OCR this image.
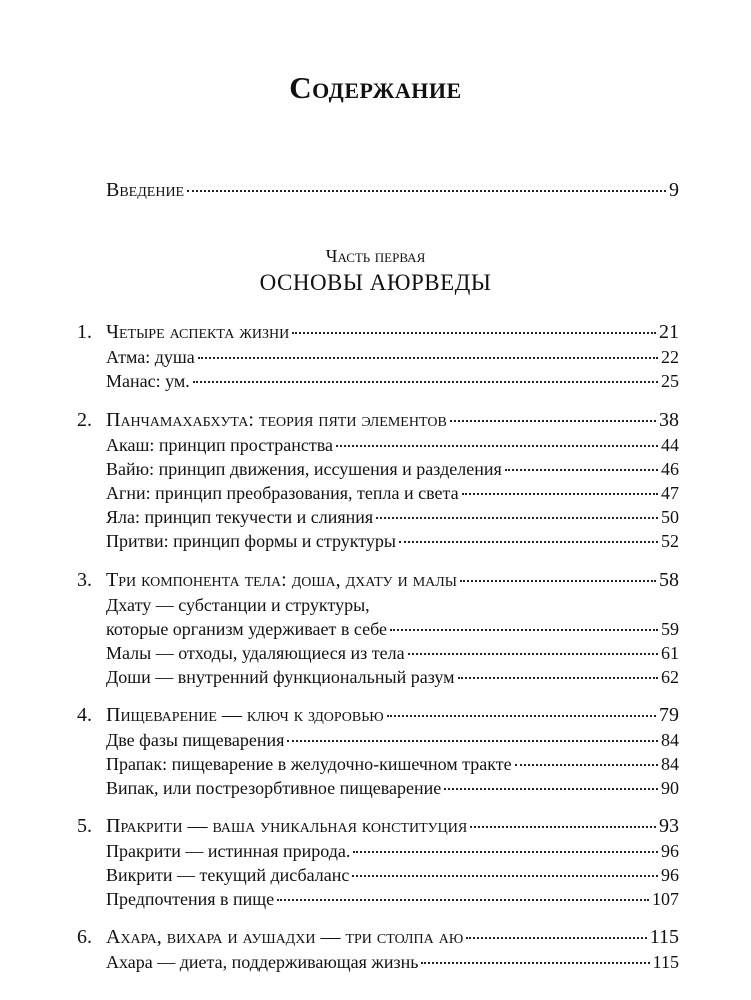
Содержание
Введение	9
Часть первая
ОСНОВЫ АЮРВЕДЫ
1. Четыре аспекта жизни	21
Атма: душа	22
Манас: ум.	25
2. Панчамахабхута: теория пяти элементов	38
Акаш: принцип пространства	44
Вайю: принцип движения, иссушения и разделения	46
Агни: принцип преобразования, тепла и света	47
Яла: принцип текучести и слияния	50
Притви: принцип формы и структуры	52
3. Три компонента тела: доша, дхату и малы	58
Дхату — субстанции и структуры,
которые организм удерживает в себе	59
Малы — отходы, удаляющиеся из тела	61
Доши — внутренний функциональный разум	62
4. Пищеварение — ключ к здоровью	79
Две фазы пищеварения	84
Прапак: пищеварение в желудочно-кишечном тракте	84
Випак, или пострезорбтивное пищеварение	90
5. Пракрити — ваша уникальная конституция	93
Пракрити — истинная природа.	96
Викрити — текущий дисбаланс	96
Предпочтения в пище	107
6. Ахара, вихара и аушадхи — три столпа аю	115
Ахара — диета, поддерживающая жизнь	115
